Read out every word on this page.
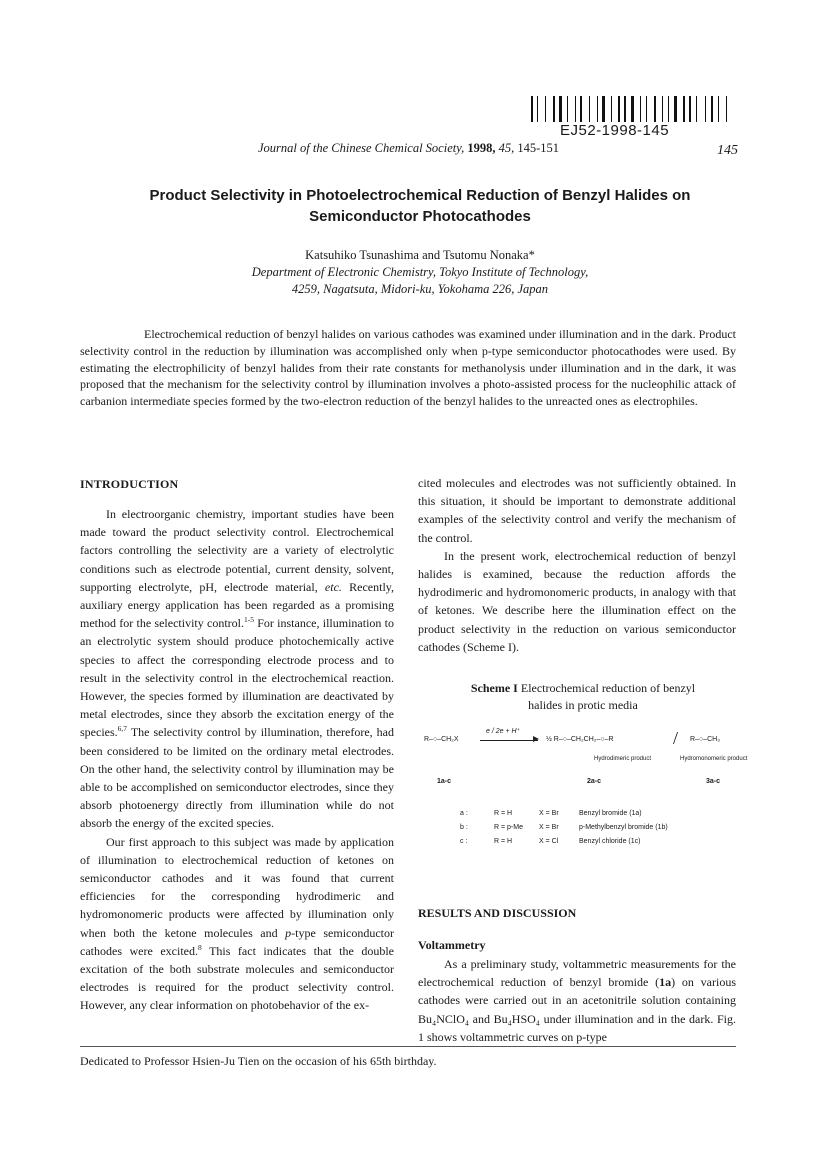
EJ52-1998-145
Journal of the Chinese Chemical Society, 1998, 45, 145-151	145
Product Selectivity in Photoelectrochemical Reduction of Benzyl Halides on
Semiconductor Photocathodes
Katsuhiko Tsunashima and Tsutomu Nonaka*
Department of Electronic Chemistry, Tokyo Institute of Technology,
4259, Nagatsuta, Midori-ku, Yokohama 226, Japan
Electrochemical reduction of benzyl halides on various cathodes was examined under illumination and in the dark. Product selectivity control in the reduction by illumination was accomplished only when p-type semiconductor photocathodes were used. By estimating the electrophilicity of benzyl halides from their rate constants for methanolysis under illumination and in the dark, it was proposed that the mechanism for the selectivity control by illumination involves a photo-assisted process for the nucleophilic attack of carbanion intermediate species formed by the two-electron reduction of the benzyl halides to the unreacted ones as electrophiles.
INTRODUCTION

In electroorganic chemistry, important studies have been made toward the product selectivity control. Electrochemical factors controlling the selectivity are a variety of electrolytic conditions such as electrode potential, current density, solvent, supporting electrolyte, pH, electrode material, etc. Recently, auxiliary energy application has been regarded as a promising method for the selectivity control.$^{1-5}$ For instance, illumination to an electrolytic system should produce photochemically active species to affect the corresponding electrode process and to result in the selectivity control in the electrochemical reaction. However, the species formed by illumination are deactivated by metal electrodes, since they absorb the excitation energy of the species.$^{6,7}$ The selectivity control by illumination, therefore, had been considered to be limited on the ordinary metal electrodes. On the other hand, the selectivity control by illumination may be able to be accomplished on semiconductor electrodes, since they absorb photoenergy directly from illumination while do not absorb the energy of the excited species.

Our first approach to this subject was made by application of illumination to electrochemical reduction of ketones on semiconductor cathodes and it was found that current efficiencies for the corresponding hydrodimeric and hydromonomeric products were affected by illumination only when both the ketone molecules and p-type semiconductor cathodes were excited.$^8$ This fact indicates that the double excitation of the both substrate molecules and semiconductor electrodes is required for the product selectivity control. However, any clear information on photobehavior of the ex-

cited molecules and electrodes was not sufficiently obtained. In this situation, it should be important to demonstrate additional examples of the selectivity control and verify the mechanism of the control.

In the present work, electrochemical reduction of benzyl halides is examined, because the reduction affords the hydrodimeric and hydromonomeric products, in analogy with that of ketones. We describe here the illumination effect on the product selectivity in the reduction on various semiconductor cathodes (Scheme I).

Scheme I Electrochemical reduction of benzyl
halides in protic media
R–○–CH₂X
e / 2e + H⁺
½ R–○–CH₂CH₂–○–R	/ R–○–CH₃
Hydrodimeric product	Hydromonomeric product
1a-c	2a-c	3a-c
a :	R = H	X = Br	Benzyl bromide (1a)
b :	R = p-Me	X = Br	p-Methylbenzyl bromide (1b)
c :	R = H	X = Cl	Benzyl chloride (1c)
RESULTS AND DISCUSSION
Voltammetry

As a preliminary study, voltammetric measurements for the electrochemical reduction of benzyl bromide (1a) on various cathodes were carried out in an acetonitrile solution containing Bu₄NClO₄ and Bu₄HSO₄ under illumination and in the dark. Fig. 1 shows voltammetric curves on p-type

Dedicated to Professor Hsien-Ju Tien on the occasion of his 65th birthday.
